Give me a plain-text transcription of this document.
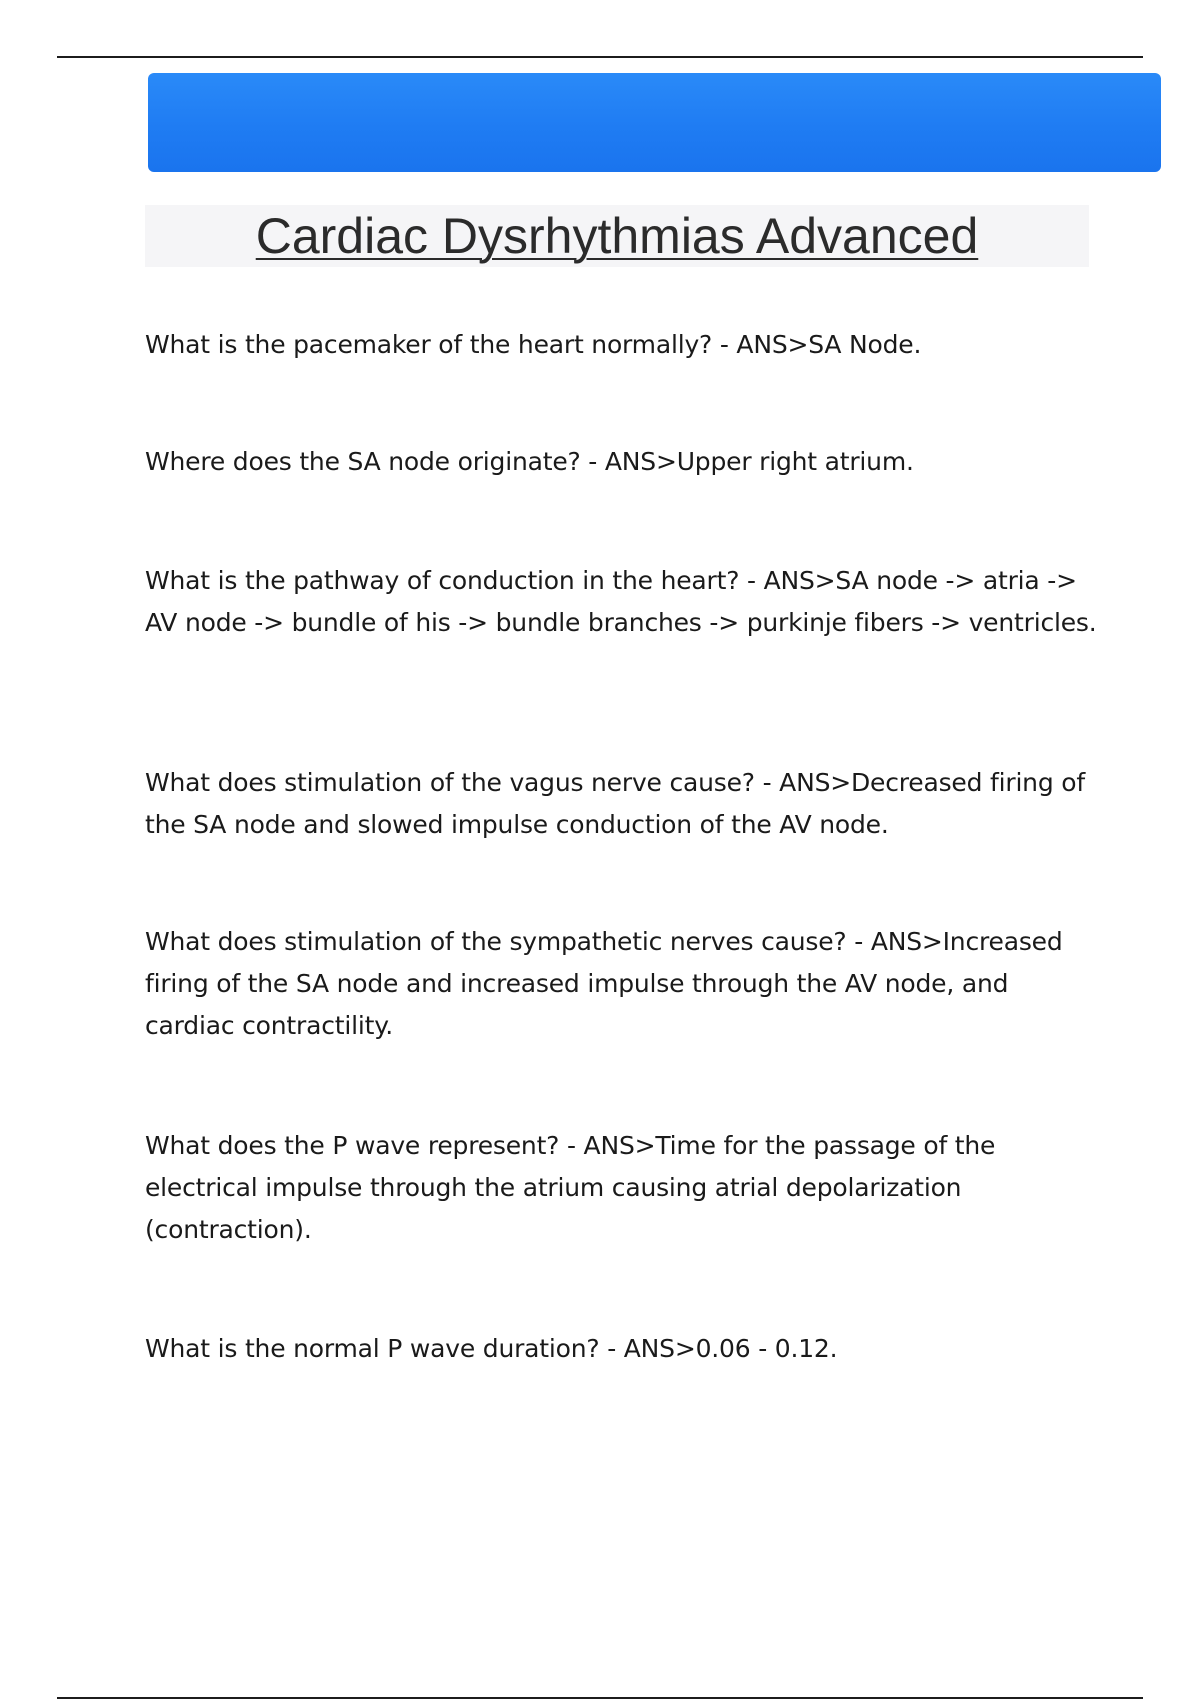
Cardiac Dysrhythmias Advanced

What is the pacemaker of the heart normally? - ANS>SA Node.

Where does the SA node originate? - ANS>Upper right atrium.

What is the pathway of conduction in the heart? - ANS>SA node -> atria -> AV node -> bundle of his -> bundle branches -> purkinje fibers -> ventricles.

What does stimulation of the vagus nerve cause? - ANS>Decreased firing of the SA node and slowed impulse conduction of the AV node.

What does stimulation of the sympathetic nerves cause? - ANS>Increased firing of the SA node and increased impulse through the AV node, and cardiac contractility.

What does the P wave represent? - ANS>Time for the passage of the electrical impulse through the atrium causing atrial depolarization (contraction).

What is the normal P wave duration? - ANS>0.06 - 0.12.
